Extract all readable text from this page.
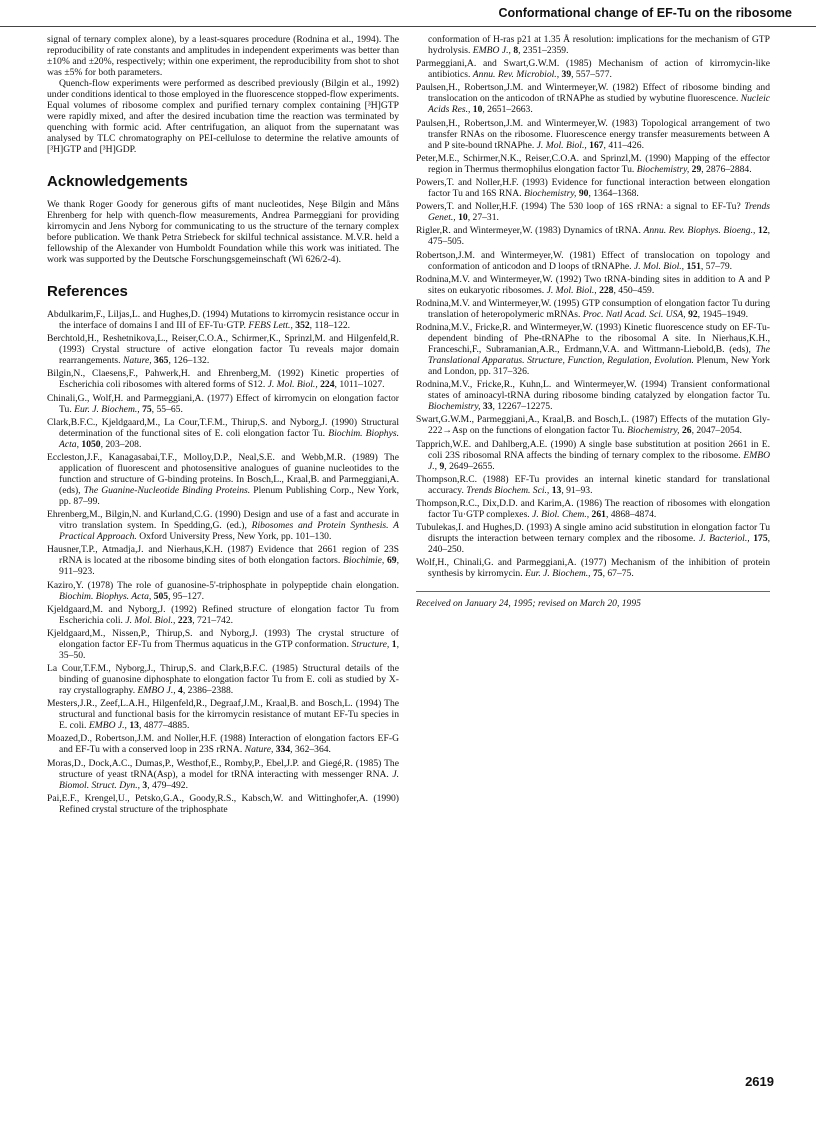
Conformational change of EF-Tu on the ribosome

signal of ternary complex alone), by a least-squares procedure (Rodnina et al., 1994). The reproducibility of rate constants and amplitudes in independent experiments was better than ±10% and ±20%, respectively; within one experiment, the reproducibility from shot to shot was ±5% for both parameters.

Quench-flow experiments were performed as described previously (Bilgin et al., 1992) under conditions identical to those employed in the fluorescence stopped-flow experiments. Equal volumes of ribosome complex and purified ternary complex containing [³H]GTP were rapidly mixed, and after the desired incubation time the reaction was terminated by quenching with formic acid. After centrifugation, an aliquot from the supernatant was analysed by TLC chromatography on PEI-cellulose to determine the relative amounts of [³H]GTP and [³H]GDP.

Acknowledgements

We thank Roger Goody for generous gifts of mant nucleotides, Neşe Bilgin and Måns Ehrenberg for help with quench-flow measurements, Andrea Parmeggiani for providing kirromycin and Jens Nyborg for communicating to us the structure of the ternary complex before publication. We thank Petra Striebeck for skilful technical assistance. M.V.R. held a fellowship of the Alexander von Humboldt Foundation while this work was initiated. The work was supported by the Deutsche Forschungsgemeinschaft (Wi 626/2-4).

References

Abdulkarim,F., Liljas,L. and Hughes,D. (1994) Mutations to kirromycin resistance occur in the interface of domains I and III of EF-Tu·GTP. FEBS Lett., 352, 118–122.

Berchtold,H., Reshetnikova,L., Reiser,C.O.A., Schirmer,K., Sprinzl,M. and Hilgenfeld,R. (1993) Crystal structure of active elongation factor Tu reveals major domain rearrangements. Nature, 365, 126–132.

Bilgin,N., Claesens,F., Pahwerk,H. and Ehrenberg,M. (1992) Kinetic properties of Escherichia coli ribosomes with altered forms of S12. J. Mol. Biol., 224, 1011–1027.

Chinali,G., Wolf,H. and Parmeggiani,A. (1977) Effect of kirromycin on elongation factor Tu. Eur. J. Biochem., 75, 55–65.

Clark,B.F.C., Kjeldgaard,M., La Cour,T.F.M., Thirup,S. and Nyborg,J. (1990) Structural determination of the functional sites of E. coli elongation factor Tu. Biochim. Biophys. Acta, 1050, 203–208.

Eccleston,J.F., Kanagasabai,T.F., Molloy,D.P., Neal,S.E. and Webb,M.R. (1989) The application of fluorescent and photosensitive analogues of guanine nucleotides to the function and structure of G-binding proteins. In Bosch,L., Kraal,B. and Parmeggiani,A. (eds), The Guanine-Nucleotide Binding Proteins. Plenum Publishing Corp., New York, pp. 87–99.

Ehrenberg,M., Bilgin,N. and Kurland,C.G. (1990) Design and use of a fast and accurate in vitro translation system. In Spedding,G. (ed.), Ribosomes and Protein Synthesis. A Practical Approach. Oxford University Press, New York, pp. 101–130.

Hausner,T.P., Atmadja,J. and Nierhaus,K.H. (1987) Evidence that 2661 region of 23S rRNA is located at the ribosome binding sites of both elongation factors. Biochimie, 69, 911–923.

Kaziro,Y. (1978) The role of guanosine-5'-triphosphate in polypeptide chain elongation. Biochim. Biophys. Acta, 505, 95–127.

Kjeldgaard,M. and Nyborg,J. (1992) Refined structure of elongation factor Tu from Escherichia coli. J. Mol. Biol., 223, 721–742.

Kjeldgaard,M., Nissen,P., Thirup,S. and Nyborg,J. (1993) The crystal structure of elongation factor EF-Tu from Thermus aquaticus in the GTP conformation. Structure, 1, 35–50.

La Cour,T.F.M., Nyborg,J., Thirup,S. and Clark,B.F.C. (1985) Structural details of the binding of guanosine diphosphate to elongation factor Tu from E. coli as studied by X-ray crystallography. EMBO J., 4, 2386–2388.

Mesters,J.R., Zeef,L.A.H., Hilgenfeld,R., Degraaf,J.M., Kraal,B. and Bosch,L. (1994) The structural and functional basis for the kirromycin resistance of mutant EF-Tu species in E. coli. EMBO J., 13, 4877–4885.

Moazed,D., Robertson,J.M. and Noller,H.F. (1988) Interaction of elongation factors EF-G and EF-Tu with a conserved loop in 23S rRNA. Nature, 334, 362–364.

Moras,D., Dock,A.C., Dumas,P., Westhof,E., Romby,P., Ebel,J.P. and Giegé,R. (1985) The structure of yeast tRNA(Asp), a model for tRNA interacting with messenger RNA. J. Biomol. Struct. Dyn., 3, 479–492.

Pai,E.F., Krengel,U., Petsko,G.A., Goody,R.S., Kabsch,W. and Wittinghofer,A. (1990) Refined crystal structure of the triphosphate

conformation of H-ras p21 at 1.35 Å resolution: implications for the mechanism of GTP hydrolysis. EMBO J., 8, 2351–2359.

Parmeggiani,A. and Swart,G.W.M. (1985) Mechanism of action of kirromycin-like antibiotics. Annu. Rev. Microbiol., 39, 557–577.

Paulsen,H., Robertson,J.M. and Wintermeyer,W. (1982) Effect of ribosome binding and translocation on the anticodon of tRNAPhe as studied by wybutine fluorescence. Nucleic Acids Res., 10, 2651–2663.

Paulsen,H., Robertson,J.M. and Wintermeyer,W. (1983) Topological arrangement of two transfer RNAs on the ribosome. Fluorescence energy transfer measurements between A and P site-bound tRNAPhe. J. Mol. Biol., 167, 411–426.

Peter,M.E., Schirmer,N.K., Reiser,C.O.A. and Sprinzl,M. (1990) Mapping of the effector region in Thermus thermophilus elongation factor Tu. Biochemistry, 29, 2876–2884.

Powers,T. and Noller,H.F. (1993) Evidence for functional interaction between elongation factor Tu and 16S RNA. Biochemistry, 90, 1364–1368.

Powers,T. and Noller,H.F. (1994) The 530 loop of 16S rRNA: a signal to EF-Tu? Trends Genet., 10, 27–31.

Rigler,R. and Wintermeyer,W. (1983) Dynamics of tRNA. Annu. Rev. Biophys. Bioeng., 12, 475–505.

Robertson,J.M. and Wintermeyer,W. (1981) Effect of translocation on topology and conformation of anticodon and D loops of tRNAPhe. J. Mol. Biol., 151, 57–79.

Rodnina,M.V. and Wintermeyer,W. (1992) Two tRNA-binding sites in addition to A and P sites on eukaryotic ribosomes. J. Mol. Biol., 228, 450–459.

Rodnina,M.V. and Wintermeyer,W. (1995) GTP consumption of elongation factor Tu during translation of heteropolymeric mRNAs. Proc. Natl Acad. Sci. USA, 92, 1945–1949.

Rodnina,M.V., Fricke,R. and Wintermeyer,W. (1993) Kinetic fluorescence study on EF-Tu-dependent binding of Phe-tRNAPhe to the ribosomal A site. In Nierhaus,K.H., Franceschi,F., Subramanian,A.R., Erdmann,V.A. and Wittmann-Liebold,B. (eds), The Translational Apparatus. Structure, Function, Regulation, Evolution. Plenum, New York and London, pp. 317–326.

Rodnina,M.V., Fricke,R., Kuhn,L. and Wintermeyer,W. (1994) Transient conformational states of aminoacyl-tRNA during ribosome binding catalyzed by elongation factor Tu. Biochemistry, 33, 12267–12275.

Swart,G.W.M., Parmeggiani,A., Kraal,B. and Bosch,L. (1987) Effects of the mutation Gly-222→Asp on the functions of elongation factor Tu. Biochemistry, 26, 2047–2054.

Tapprich,W.E. and Dahlberg,A.E. (1990) A single base substitution at position 2661 in E. coli 23S ribosomal RNA affects the binding of ternary complex to the ribosome. EMBO J., 9, 2649–2655.

Thompson,R.C. (1988) EF-Tu provides an internal kinetic standard for translational accuracy. Trends Biochem. Sci., 13, 91–93.

Thompson,R.C., Dix,D.D. and Karim,A. (1986) The reaction of ribosomes with elongation factor Tu·GTP complexes. J. Biol. Chem., 261, 4868–4874.

Tubulekas,I. and Hughes,D. (1993) A single amino acid substitution in elongation factor Tu disrupts the interaction between ternary complex and the ribosome. J. Bacteriol., 175, 240–250.

Wolf,H., Chinali,G. and Parmeggiani,A. (1977) Mechanism of the inhibition of protein synthesis by kirromycin. Eur. J. Biochem., 75, 67–75.

Received on January 24, 1995; revised on March 20, 1995
2619
